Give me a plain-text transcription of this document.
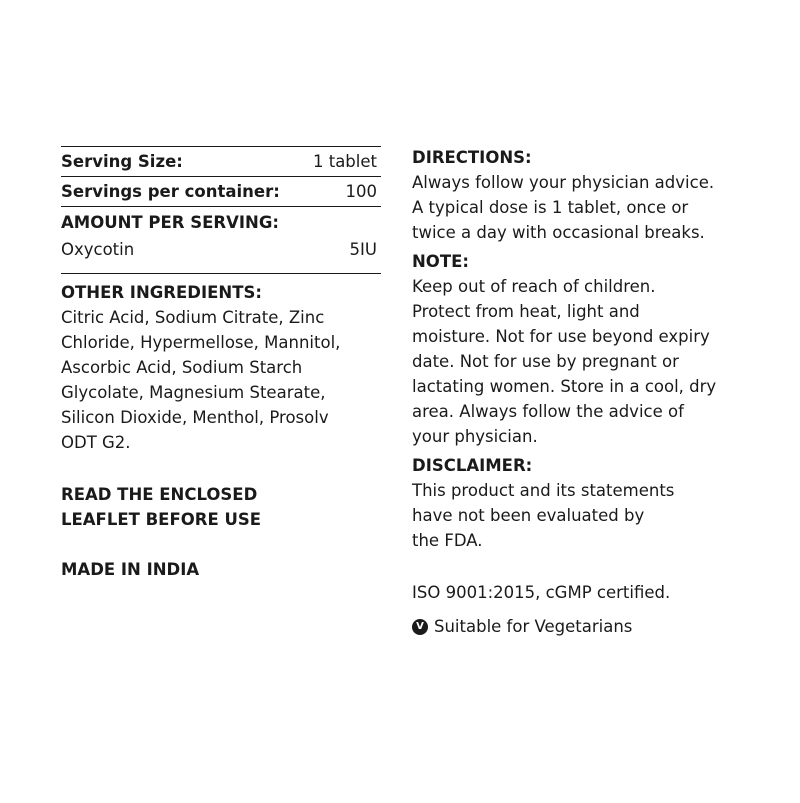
Serving Size:	1 tablet
Servings per container:	100
AMOUNT PER SERVING:
Oxycotin	5IU
OTHER INGREDIENTS:
Citric Acid, Sodium Citrate, Zinc
Chloride, Hypermellose, Mannitol,
Ascorbic Acid, Sodium Starch
Glycolate, Magnesium Stearate,
Silicon Dioxide, Menthol, Prosolv
ODT G2.
READ THE ENCLOSED
LEAFLET BEFORE USE
MADE IN INDIA
DIRECTIONS:
Always follow your physician advice.
A typical dose is 1 tablet, once or
twice a day with occasional breaks.
NOTE:
Keep out of reach of children.
Protect from heat, light and
moisture. Not for use beyond expiry
date. Not for use by pregnant or
lactating women. Store in a cool, dry
area. Always follow the advice of
your physician.
DISCLAIMER:
This product and its statements
have not been evaluated by
the FDA.
ISO 9001:2015, cGMP certified.
V Suitable for Vegetarians
